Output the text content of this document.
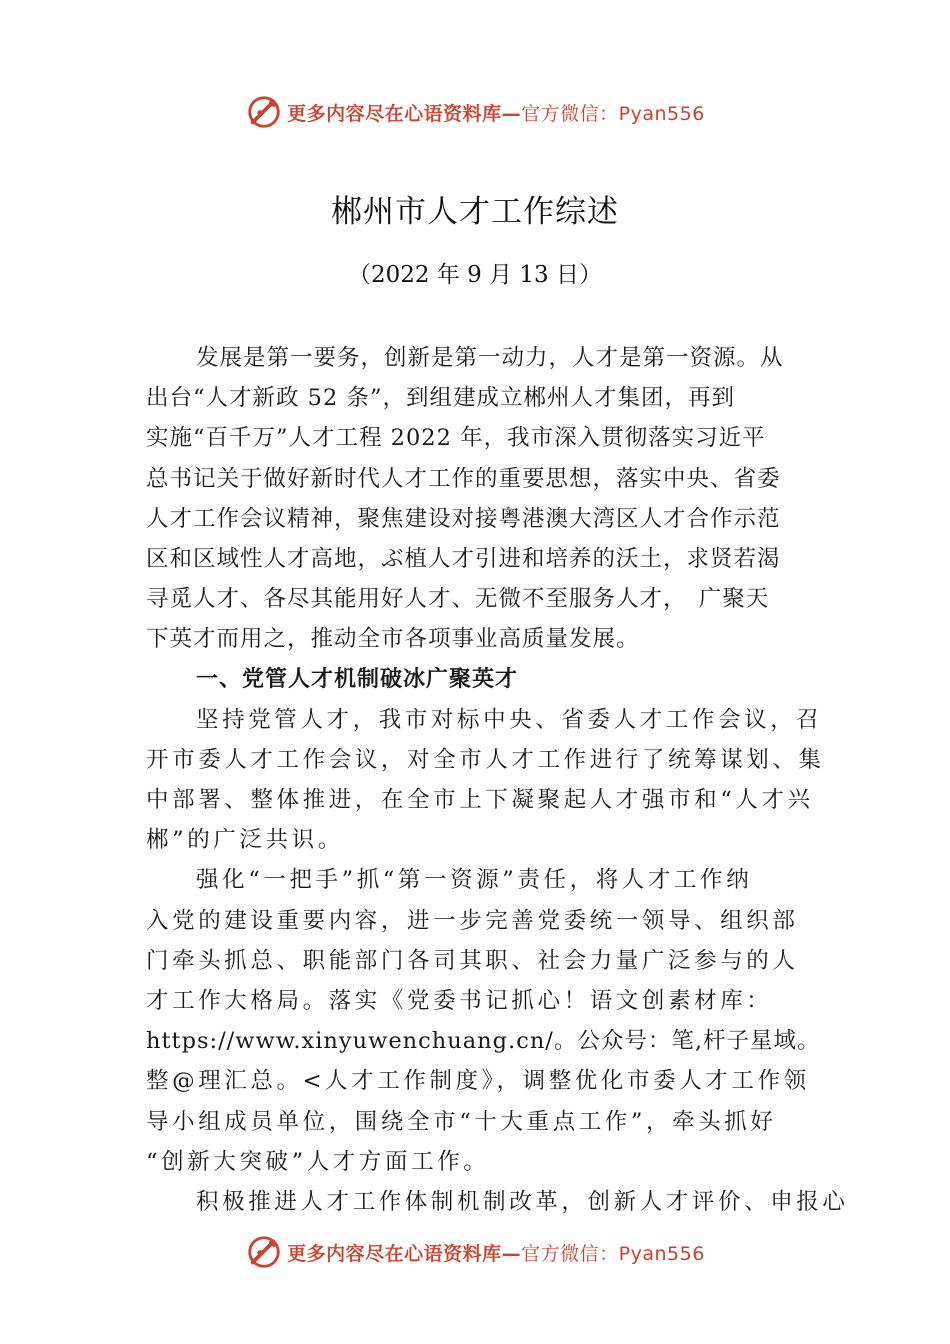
更多内容尽在心语资料库—官方微信：Pyan556
郴州市人才工作综述
（2022 年 9 月 13 日）
发展是第一要务，创新是第一动力，人才是第一资源。从
出台“人才新政 52 条”，到组建成立郴州人才集团，再到
实施“百千万”人才工程 2022 年，我市深入贯彻落实习近平
总书记关于做好新时代人才工作的重要思想，落实中央、省委
人才工作会议精神，聚焦建设对接粤港澳大湾区人才合作示范
区和区域性人才高地，ぶ植人才引进和培养的沃土，求贤若渴
寻觅人才、各尽其能用好人才、无微不至服务人才，　广聚天
下英才而用之，推动全市各项事业高质量发展。
一、党管人才机制破冰广聚英才
坚持党管人才，我市对标中央、省委人才工作会议，召
开市委人才工作会议，对全市人才工作进行了统筹谋划、集
中部署、整体推进，在全市上下凝聚起人才强市和“人才兴
郴”的广泛共识。
强化“一把手”抓“第一资源”责任，将人才工作纳
入党的建设重要内容，进一步完善党委统一领导、组织部
门牵头抓总、职能部门各司其职、社会力量广泛参与的人
才工作大格局。落实《党委书记抓心！语文创素材库：
https://www.xinyuwenchuang.cn/。公众号：笔,杆子星域。
整@理汇总。<人才工作制度》，调整优化市委人才工作领
导小组成员单位，围绕全市“十大重点工作”，牵头抓好
“创新大突破”人才方面工作。
积极推进人才工作体制机制改革，创新人才评价、申报心
更多内容尽在心语资料库—官方微信：Pyan556
